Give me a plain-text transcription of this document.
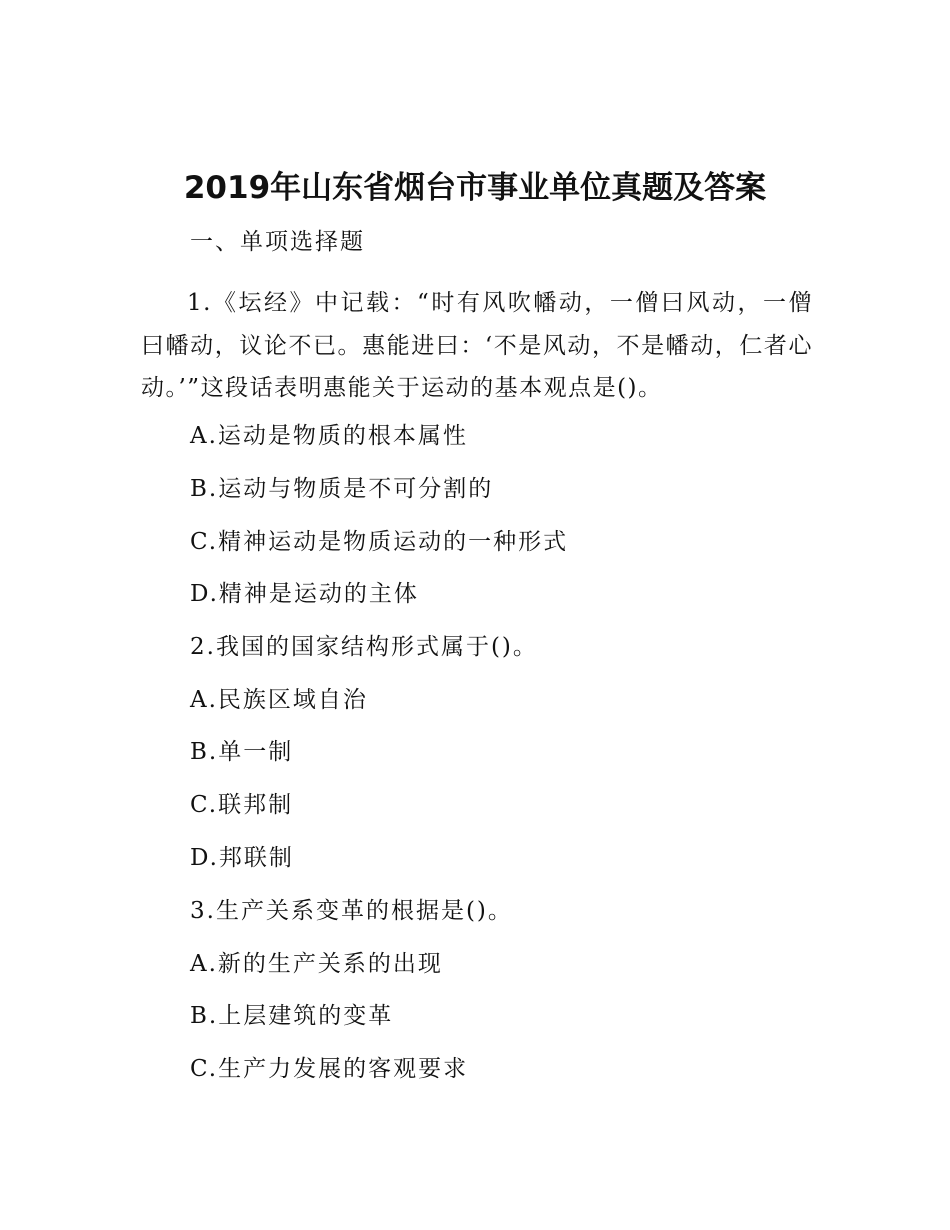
2019年山东省烟台市事业单位真题及答案
一、单项选择题
1.《坛经》中记载：“时有风吹幡动，一僧曰风动，一僧曰幡动，议论不已。惠能进曰：‘不是风动，不是幡动，仁者心动。’”这段话表明惠能关于运动的基本观点是()。
A.运动是物质的根本属性
B.运动与物质是不可分割的
C.精神运动是物质运动的一种形式
D.精神是运动的主体
2.我国的国家结构形式属于()。
A.民族区域自治
B.单一制
C.联邦制
D.邦联制
3.生产关系变革的根据是()。
A.新的生产关系的出现
B.上层建筑的变革
C.生产力发展的客观要求
